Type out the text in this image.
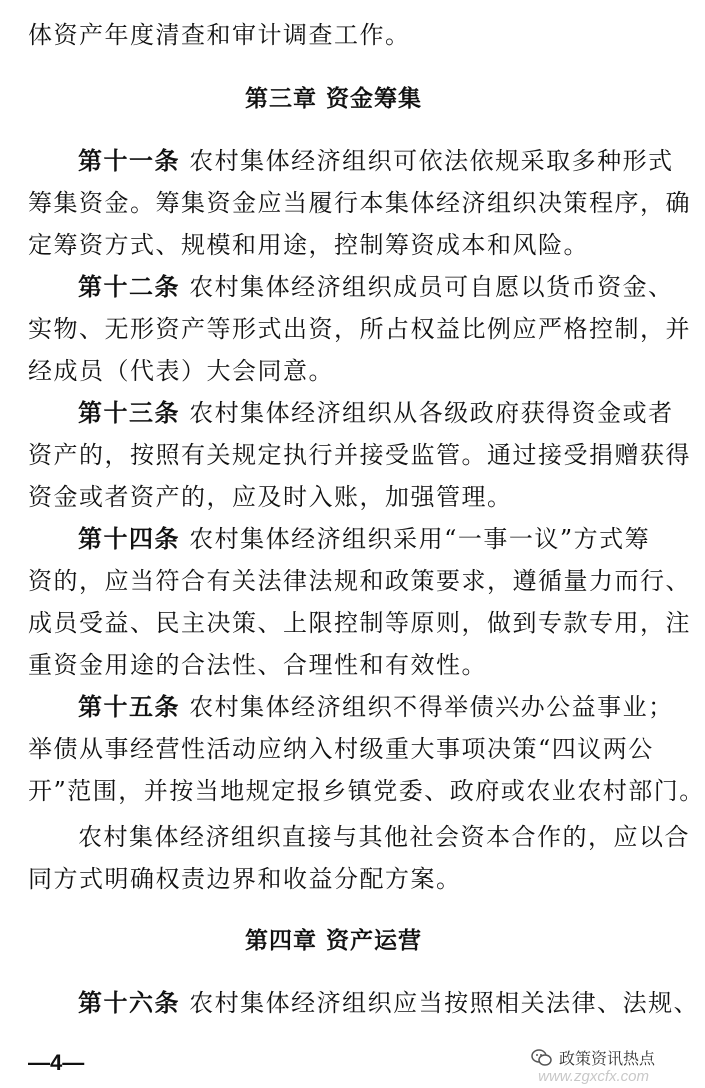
体资产年度清查和审计调查工作。
第三章 资金筹集
第十一条 农村集体经济组织可依法依规采取多种形式
筹集资金。筹集资金应当履行本集体经济组织决策程序，确
定筹资方式、规模和用途，控制筹资成本和风险。
第十二条 农村集体经济组织成员可自愿以货币资金、
实物、无形资产等形式出资，所占权益比例应严格控制，并
经成员（代表）大会同意。
第十三条 农村集体经济组织从各级政府获得资金或者
资产的，按照有关规定执行并接受监管。通过接受捐赠获得
资金或者资产的，应及时入账，加强管理。
第十四条 农村集体经济组织采用“一事一议”方式筹
资的，应当符合有关法律法规和政策要求，遵循量力而行、
成员受益、民主决策、上限控制等原则，做到专款专用，注
重资金用途的合法性、合理性和有效性。
第十五条 农村集体经济组织不得举债兴办公益事业；
举债从事经营性活动应纳入村级重大事项决策“四议两公
开”范围，并按当地规定报乡镇党委、政府或农业农村部门。
农村集体经济组织直接与其他社会资本合作的，应以合
同方式明确权责边界和收益分配方案。
第四章 资产运营
第十六条 农村集体经济组织应当按照相关法律、法规、
—4—	政策资讯热点
www.zgxcfx.com
